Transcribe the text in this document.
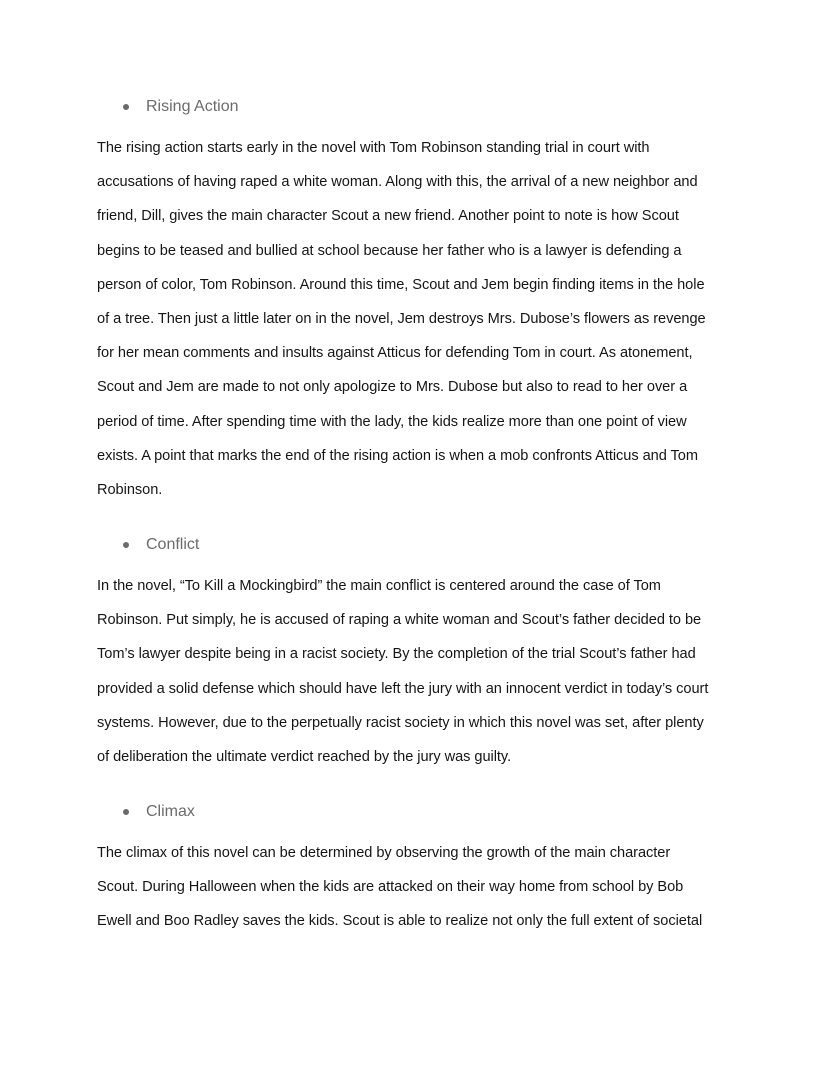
Rising Action

The rising action starts early in the novel with Tom Robinson standing trial in court with
accusations of having raped a white woman. Along with this, the arrival of a new neighbor and
friend, Dill, gives the main character Scout a new friend. Another point to note is how Scout
begins to be teased and bullied at school because her father who is a lawyer is defending a
person of color, Tom Robinson. Around this time, Scout and Jem begin finding items in the hole
of a tree. Then just a little later on in the novel, Jem destroys Mrs. Dubose’s flowers as revenge
for her mean comments and insults against Atticus for defending Tom in court. As atonement,
Scout and Jem are made to not only apologize to Mrs. Dubose but also to read to her over a
period of time. After spending time with the lady, the kids realize more than one point of view
exists. A point that marks the end of the rising action is when a mob confronts Atticus and Tom
Robinson.

Conflict

In the novel, “To Kill a Mockingbird” the main conflict is centered around the case of Tom
Robinson. Put simply, he is accused of raping a white woman and Scout’s father decided to be
Tom’s lawyer despite being in a racist society. By the completion of the trial Scout’s father had
provided a solid defense which should have left the jury with an innocent verdict in today’s court
systems. However, due to the perpetually racist society in which this novel was set, after plenty
of deliberation the ultimate verdict reached by the jury was guilty.

Climax

The climax of this novel can be determined by observing the growth of the main character
Scout. During Halloween when the kids are attacked on their way home from school by Bob
Ewell and Boo Radley saves the kids. Scout is able to realize not only the full extent of societal
